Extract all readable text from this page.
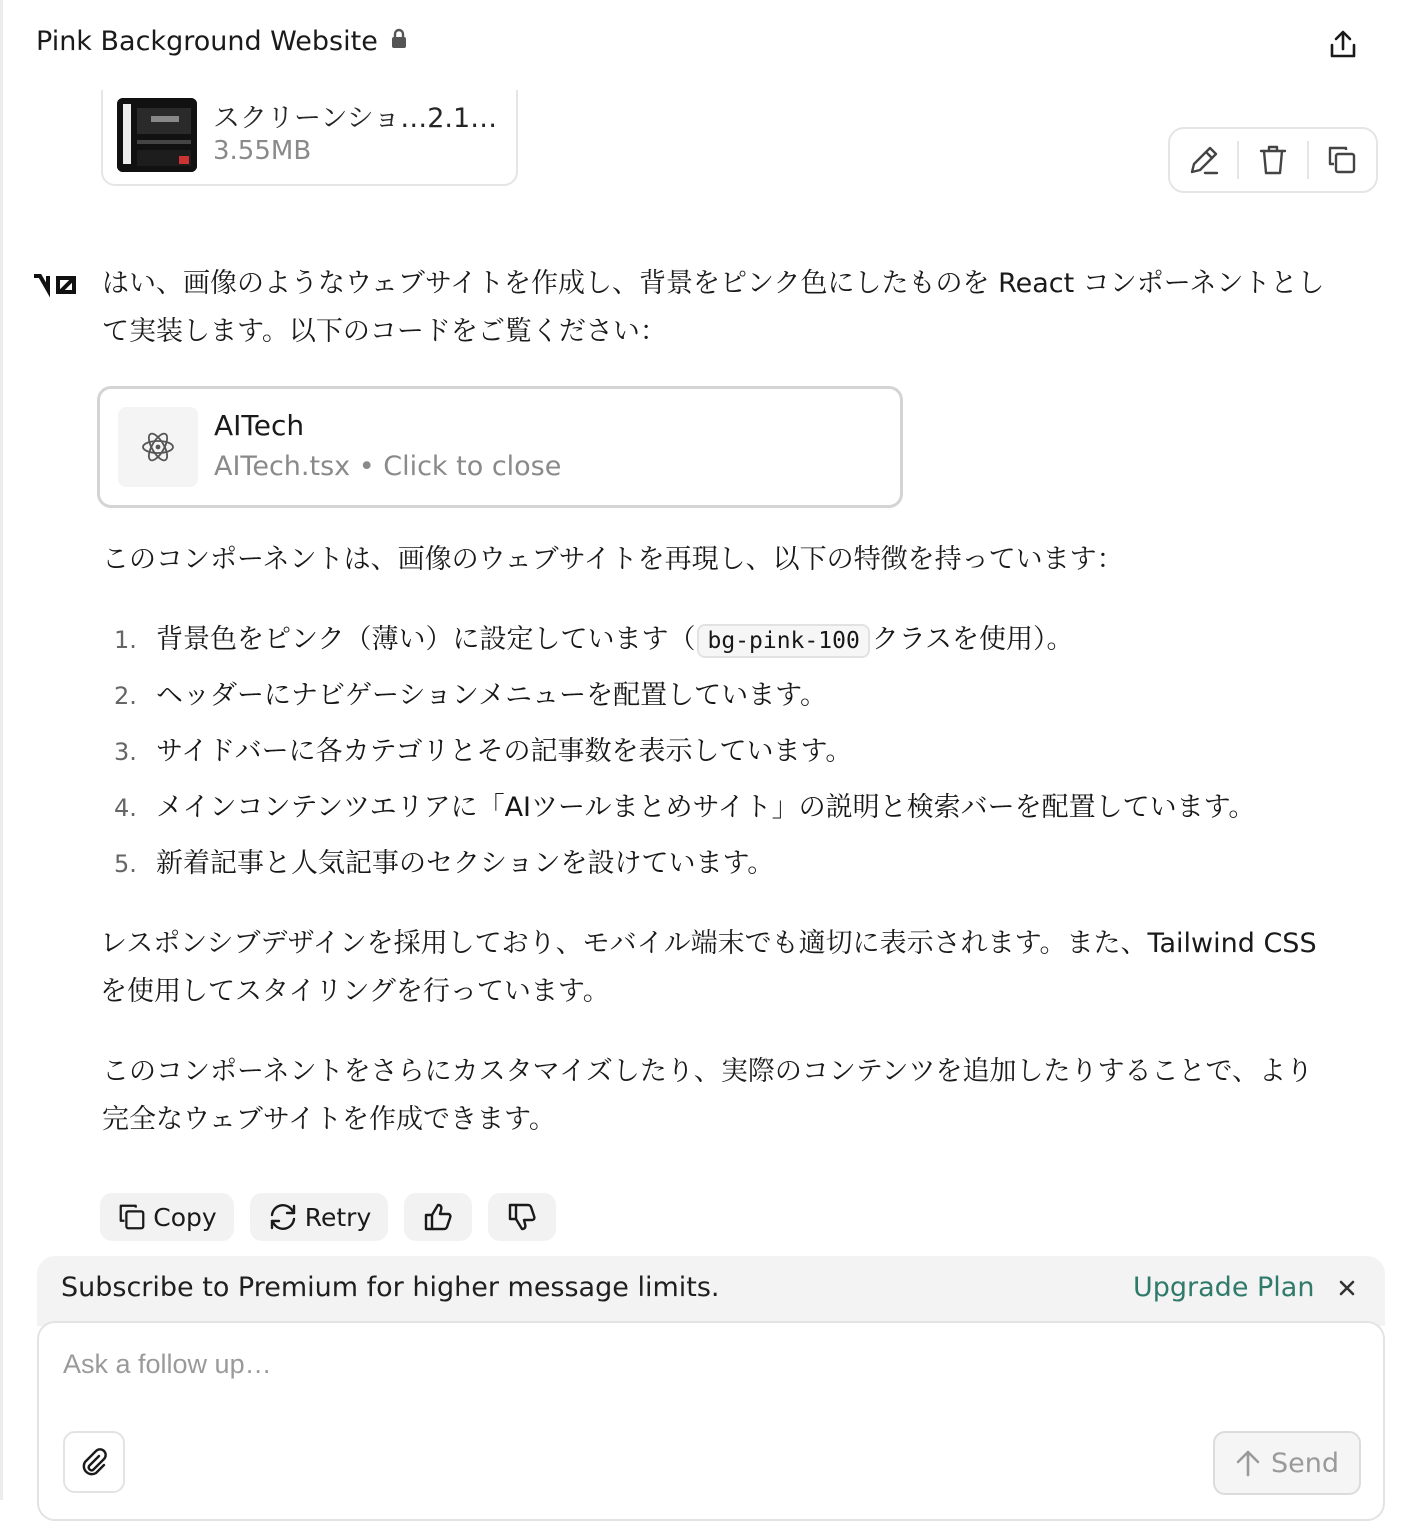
Pink Background Website
スクリーンショ…2.1…
3.55MB
はい、画像のようなウェブサイトを作成し、背景をピンク色にしたものを React コンポーネントとして実装します。以下のコードをご覧ください：
AITech
AITech.tsx • Click to close
このコンポーネントは、画像のウェブサイトを再現し、以下の特徴を持っています：
1. 背景色をピンク（薄い）に設定しています（ bg-pink-100 クラスを使用）。
2. ヘッダーにナビゲーションメニューを配置しています。
3. サイドバーに各カテゴリとその記事数を表示しています。
4. メインコンテンツエリアに「AIツールまとめサイト」の説明と検索バーを配置しています。
5. 新着記事と人気記事のセクションを設けています。
レスポンシブデザインを採用しており、モバイル端末でも適切に表示されます。また、Tailwind CSSを使用してスタイリングを行っています。
このコンポーネントをさらにカスタマイズしたり、実際のコンテンツを追加したりすることで、より完全なウェブサイトを作成できます。
Copy	Retry
Subscribe to Premium for higher message limits.	Upgrade Plan
Ask a follow up…
Send
